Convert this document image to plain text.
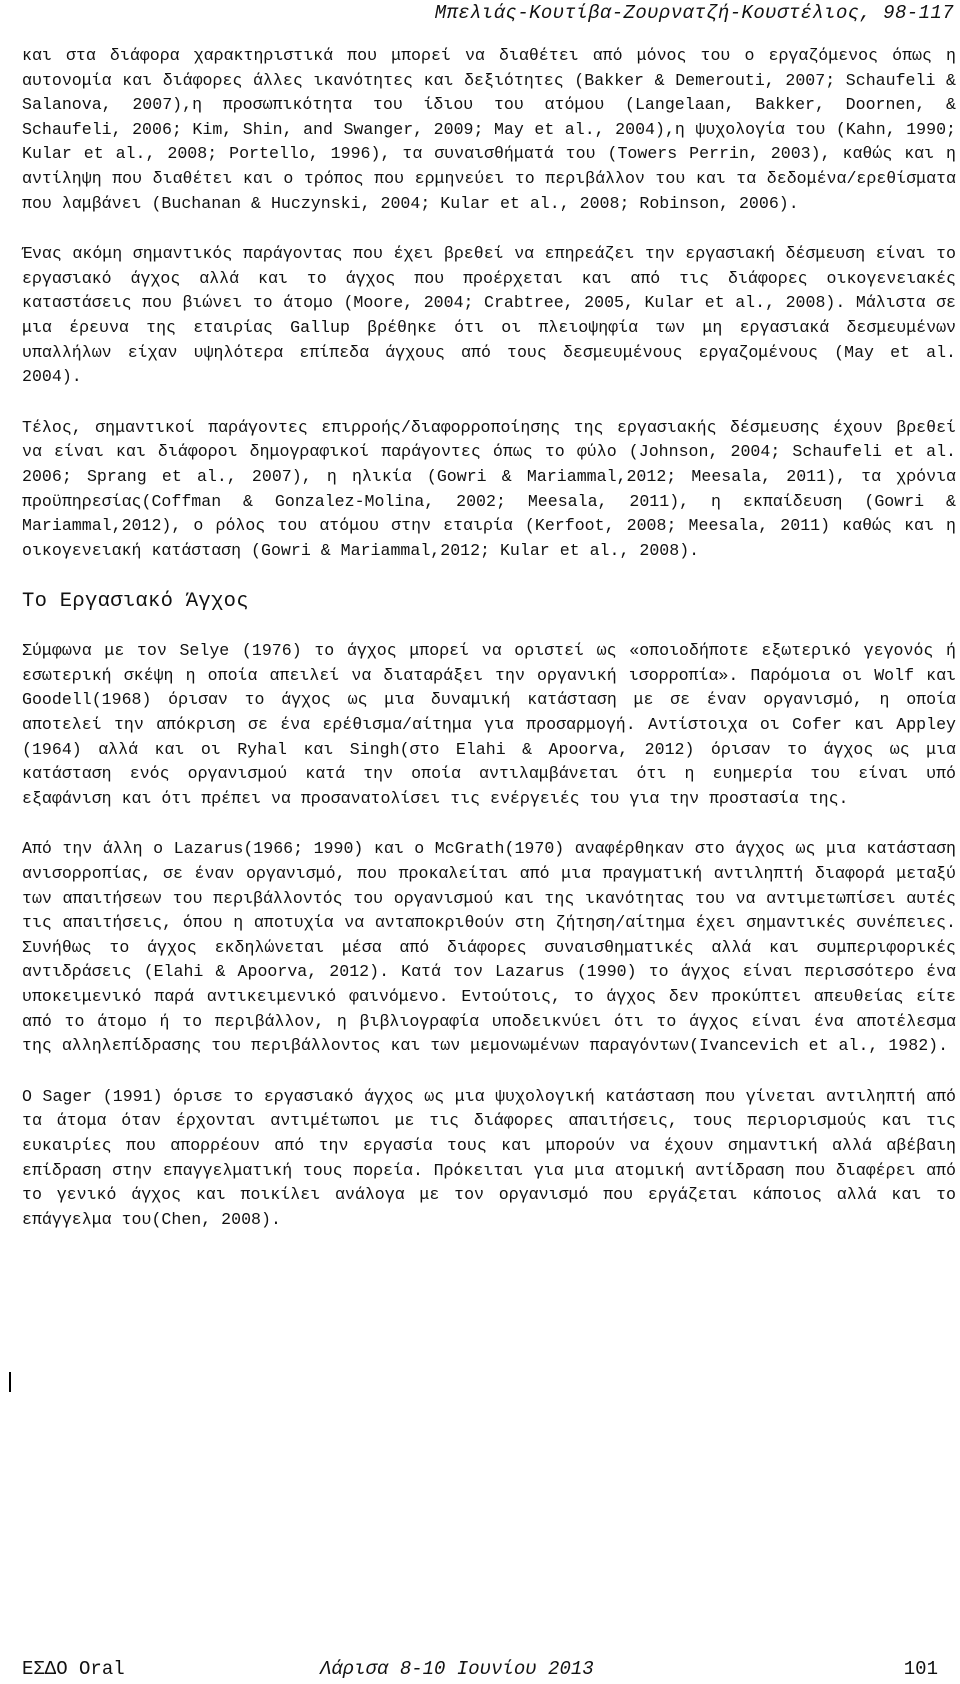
Μπελιάς-Κουτίβα-Ζουρνατζή-Κουστέλιος, 98-117

και στα διάφορα χαρακτηριστικά που μπορεί να διαθέτει από μόνος του ο εργαζόμενος όπως η αυτονομία και διάφορες άλλες ικανότητες και δεξιότητες (Bakker & Demerouti, 2007; Schaufeli & Salanova, 2007),η προσωπικότητα του ίδιου του ατόμου (Langelaan, Bakker, Doornen, & Schaufeli, 2006; Kim, Shin, and Swanger, 2009; May et al., 2004),η ψυχολογία του (Kahn, 1990; Kular et al., 2008; Portello, 1996), τα συναισθήματά του (Towers Perrin, 2003), καθώς και η αντίληψη που διαθέτει και ο τρόπος που ερμηνεύει το περιβάλλον του και τα δεδομένα/ερεθίσματα που λαμβάνει (Buchanan & Huczynski, 2004; Kular et al., 2008; Robinson, 2006).

Ένας ακόμη σημαντικός παράγοντας που έχει βρεθεί να επηρεάζει την εργασιακή δέσμευση είναι το εργασιακό άγχος αλλά και το άγχος που προέρχεται και από τις διάφορες οικογενειακές καταστάσεις που βιώνει το άτομο (Moore, 2004; Crabtree, 2005, Kular et al., 2008). Μάλιστα σε μια έρευνα της εταιρίας Gallup βρέθηκε ότι οι πλειοψηφία των μη εργασιακά δεσμευμένων υπαλλήλων είχαν υψηλότερα επίπεδα άγχους από τους δεσμευμένους εργαζομένους (May et al. 2004).

Τέλος, σημαντικοί παράγοντες επιρροής/διαφορροποίησης της εργασιακής δέσμευσης έχουν βρεθεί να είναι και διάφοροι δημογραφικοί παράγοντες όπως το φύλο (Johnson, 2004; Schaufeli et al. 2006; Sprang et al., 2007), η ηλικία (Gowri & Mariammal,2012; Meesala, 2011), τα χρόνια προϋπηρεσίας(Coffman & Gonzalez-Molina, 2002; Meesala, 2011), η εκπαίδευση (Gowri & Mariammal,2012), ο ρόλος του ατόμου στην εταιρία (Kerfoot, 2008; Meesala, 2011) καθώς και η οικογενειακή κατάσταση (Gowri & Mariammal,2012; Kular et al., 2008).

Το Εργασιακό Άγχος

Σύμφωνα με τον Selye (1976) το άγχος μπορεί να οριστεί ως «οποιοδήποτε εξωτερικό γεγονός ή εσωτερική σκέψη η οποία απειλεί να διαταράξει την οργανική ισορροπία». Παρόμοια οι Wolf και Goodell(1968) όρισαν το άγχος ως μια δυναμική κατάσταση με σε έναν οργανισμό, η οποία αποτελεί την απόκριση σε ένα ερέθισμα/αίτημα για προσαρμογή. Αντίστοιχα οι Cofer και Appley (1964) αλλά και οι Ryhal και Singh(στο Elahi & Apoorva, 2012) όρισαν το άγχος ως μια κατάσταση ενός οργανισμού κατά την οποία αντιλαμβάνεται ότι η ευημερία του είναι υπό εξαφάνιση και ότι πρέπει να προσανατολίσει τις ενέργειές του για την προστασία της.

Από την άλλη ο Lazarus(1966; 1990) και ο McGrath(1970) αναφέρθηκαν στο άγχος ως μια κατάσταση ανισορροπίας, σε έναν οργανισμό, που προκαλείται από μια πραγματική αντιληπτή διαφορά μεταξύ των απαιτήσεων του περιβάλλοντός του οργανισμού και της ικανότητας του να αντιμετωπίσει αυτές τις απαιτήσεις, όπου η αποτυχία να ανταποκριθούν στη ζήτηση/αίτημα έχει σημαντικές συνέπειες. Συνήθως το άγχος εκδηλώνεται μέσα από διάφορες συναισθηματικές αλλά και συμπεριφορικές αντιδράσεις (Elahi & Apoorva, 2012). Κατά τον Lazarus (1990) το άγχος είναι περισσότερο ένα υποκειμενικό παρά αντικειμενικό φαινόμενο. Εντούτοις, το άγχος δεν προκύπτει απευθείας είτε από το άτομο ή το περιβάλλον, η βιβλιογραφία υποδεικνύει ότι το άγχος είναι ένα αποτέλεσμα της αλληλεπίδρασης του περιβάλλοντος και των μεμονωμένων παραγόντων(Ivancevich et al., 1982).

Ο Sager (1991) όρισε το εργασιακό άγχος ως μια ψυχολογική κατάσταση που γίνεται αντιληπτή από τα άτομα όταν έρχονται αντιμέτωποι με τις διάφορες απαιτήσεις, τους περιορισμούς και τις ευκαιρίες που απορρέουν από την εργασία τους και μπορούν να έχουν σημαντική αλλά αβέβαιη επίδραση στην επαγγελματική τους πορεία. Πρόκειται για μια ατομική αντίδραση που διαφέρει από το γενικό άγχος και ποικίλει ανάλογα με τον οργανισμό που εργάζεται κάποιος αλλά και το επάγγελμα του(Chen, 2008).

ΕΣΔΟ Oral	Λάρισα 8-10 Ιουνίου 2013	101
